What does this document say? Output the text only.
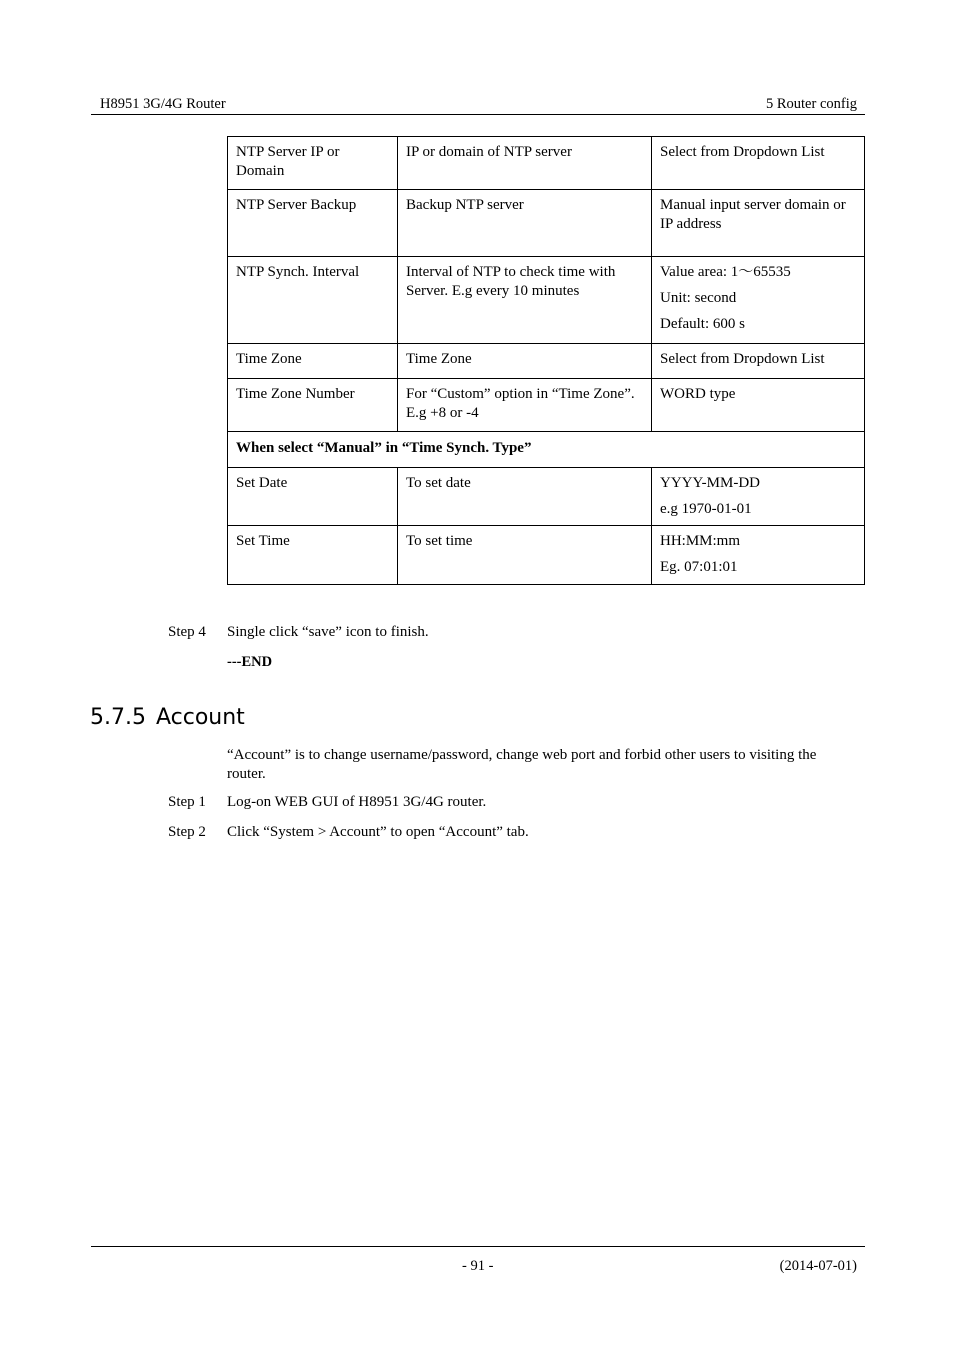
H8951 3G/4G Router	5 Router config
NTP Server IP or Domain	IP or domain of NTP server	Select from Dropdown List
NTP Server Backup	Backup NTP server	Manual input server domain or IP address
NTP Synch. Interval	Interval of NTP to check time with Server. E.g every 10 minutes	Value area: 1～65535

Unit: second

Default: 600 s

Time Zone	Time Zone	Select from Dropdown List
Time Zone Number	For “Custom” option in “Time Zone”. E.g +8 or -4	WORD type
When select “Manual” in “Time Synch. Type”		
Set Date	To set date	YYYY-MM-DD

e.g 1970-01-01

Set Time	To set time	HH:MM:mm

Eg. 07:01:01

Step 4 Single click “save” icon to finish.
---END
5.7.5 Account
“Account” is to change username/password, change web port and forbid other users to visiting the router.
Step 1 Log-on WEB GUI of H8951 3G/4G router.
Step 2 Click “System > Account” to open “Account” tab.
- 91 -	(2014-07-01)
